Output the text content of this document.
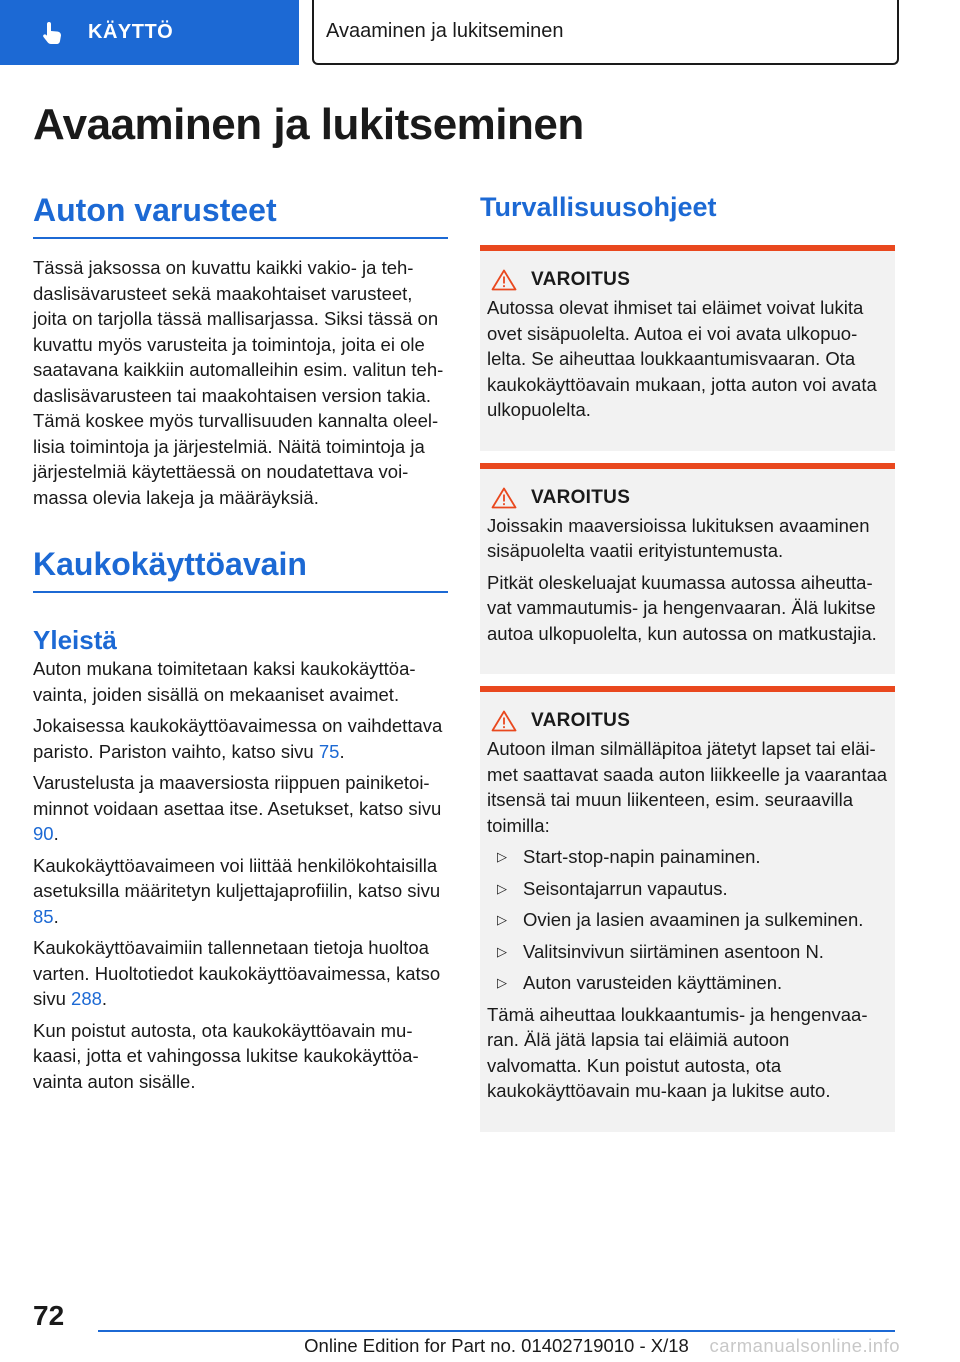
KÄYTTÖ	Avaaminen ja lukitseminen
Avaaminen ja lukitseminen
Auton varusteet

Tässä jaksossa on kuvattu kaikki vakio- ja teh-daslisävarusteet sekä maakohtaiset varusteet, joita on tarjolla tässä mallisarjassa. Siksi tässä on kuvattu myös varusteita ja toimintoja, joita ei ole saatavana kaikkiin automalleihin esim. valitun teh-daslisävarusteen tai maakohtaisen version takia. Tämä koskee myös turvallisuuden kannalta oleel-lisia toimintoja ja järjestelmiä. Näitä toimintoja ja järjestelmiä käytettäessä on noudatettava voi-massa olevia lakeja ja määräyksiä.

Kaukokäyttöavain
Yleistä

Auton mukana toimitetaan kaksi kaukokäyttöa-vainta, joiden sisällä on mekaaniset avaimet.

Jokaisessa kaukokäyttöavaimessa on vaihdettava paristo. Pariston vaihto, katso sivu 75.

Varustelusta ja maaversiosta riippuen painiketoi-minnot voidaan asettaa itse. Asetukset, katso sivu 90.

Kaukokäyttöavaimeen voi liittää henkilökohtaisilla asetuksilla määritetyn kuljettajaprofiilin, katso sivu 85.

Kaukokäyttöavaimiin tallennetaan tietoja huoltoa varten. Huoltotiedot kaukokäyttöavaimessa, katso sivu 288.

Kun poistut autosta, ota kaukokäyttöavain mu-kaasi, jotta et vahingossa lukitse kaukokäyttöa-vainta auton sisälle.

Turvallisuusohjeet
VAROITUS

Autossa olevat ihmiset tai eläimet voivat lukita ovet sisäpuolelta. Autoa ei voi avata ulkopuo-lelta. Se aiheuttaa loukkaantumisvaaran. Ota kaukokäyttöavain mukaan, jotta auton voi avata ulkopuolelta.

VAROITUS

Joissakin maaversioissa lukituksen avaaminen sisäpuolelta vaatii erityistuntemusta.

Pitkät oleskeluajat kuumassa autossa aiheutta-vat vammautumis- ja hengenvaaran. Älä lukitse autoa ulkopuolelta, kun autossa on matkustajia.

VAROITUS

Autoon ilman silmälläpitoa jätetyt lapset tai eläi-met saattavat saada auton liikkeelle ja vaarantaa itsensä tai muun liikenteen, esim. seuraavilla toimilla:

▷ Start-stop-napin painaminen.
▷ Seisontajarrun vapautus.
▷ Ovien ja lasien avaaminen ja sulkeminen.
▷ Valitsinvivun siirtäminen asentoon N.
▷ Auton varusteiden käyttäminen.

Tämä aiheuttaa loukkaantumis- ja hengenvaa-ran. Älä jätä lapsia tai eläimiä autoon valvomatta. Kun poistut autosta, ota kaukokäyttöavain mu-kaan ja lukitse auto.

72
Online Edition for Part no. 01402719010 - X/18	carmanualsonline.info
